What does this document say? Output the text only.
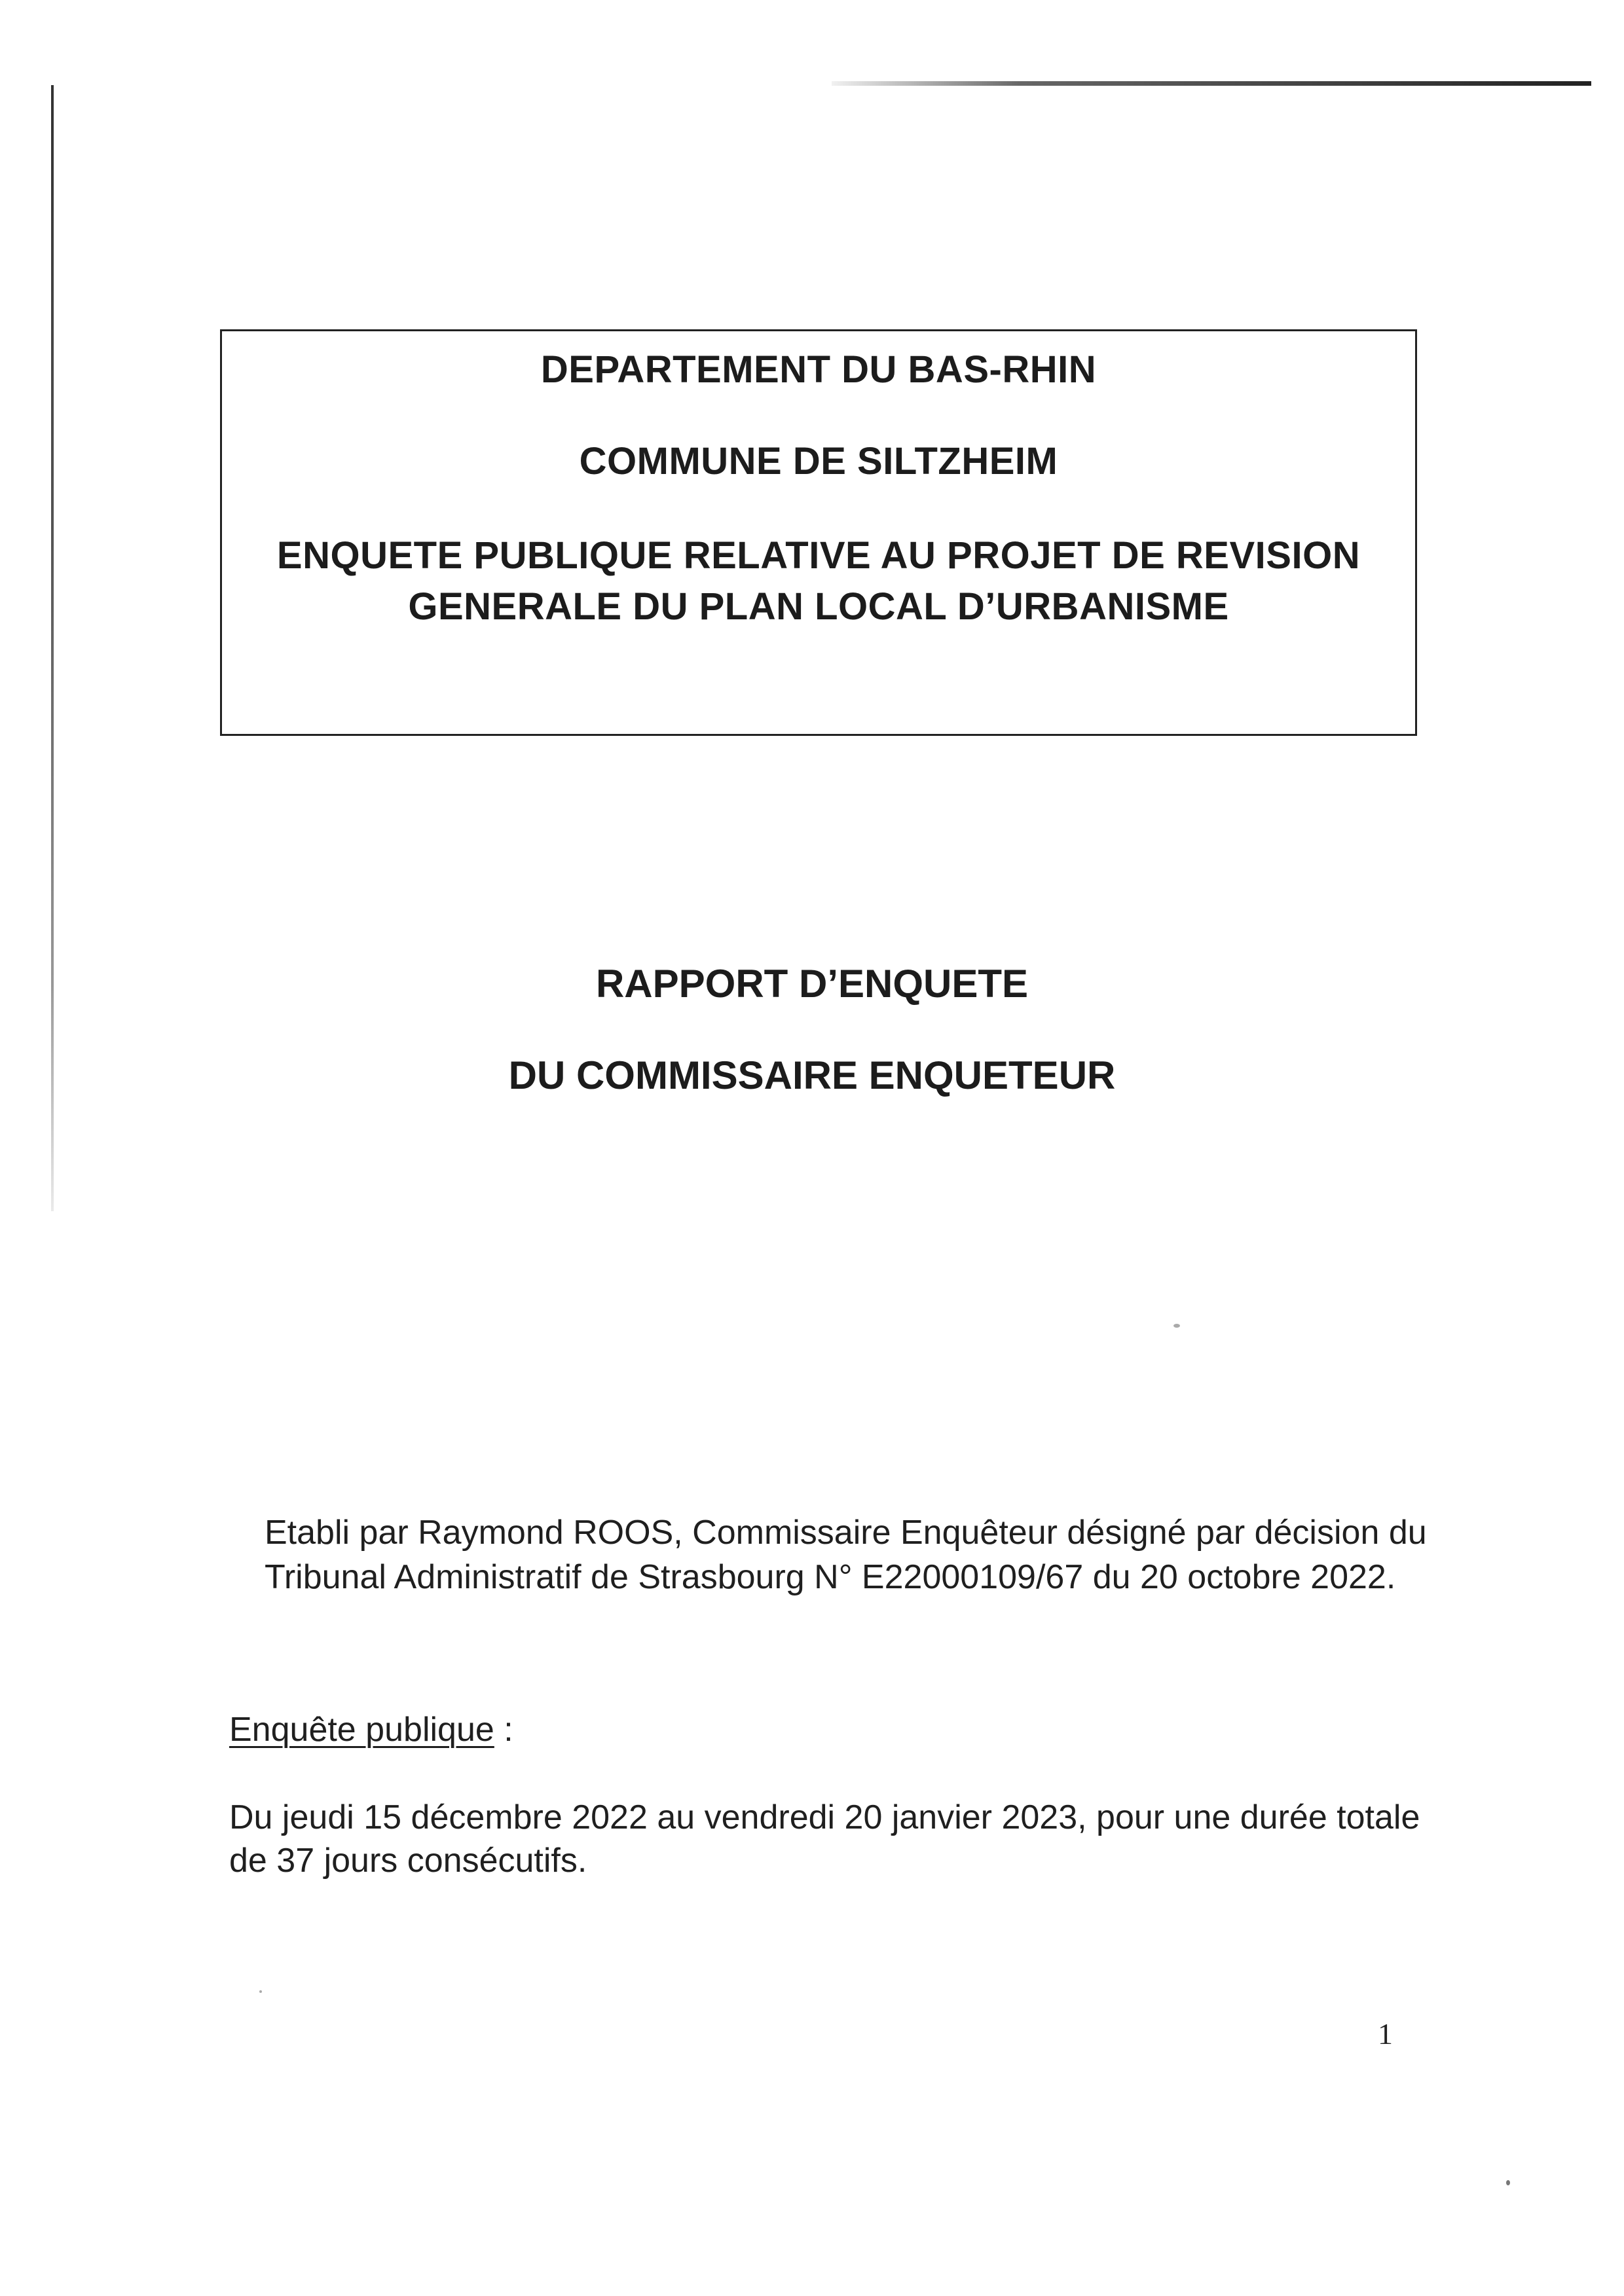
DEPARTEMENT DU BAS-RHIN
COMMUNE DE SILTZHEIM
ENQUETE PUBLIQUE RELATIVE AU PROJET DE REVISION
GENERALE DU PLAN LOCAL D’URBANISME
RAPPORT D’ENQUETE
DU COMMISSAIRE ENQUETEUR
Etabli par Raymond ROOS, Commissaire Enquêteur désigné par décision du
Tribunal Administratif de Strasbourg N° E22000109/67 du 20 octobre 2022.
Enquête publique :
Du jeudi 15 décembre 2022 au vendredi 20 janvier 2023, pour une durée totale
de 37 jours consécutifs.
1
